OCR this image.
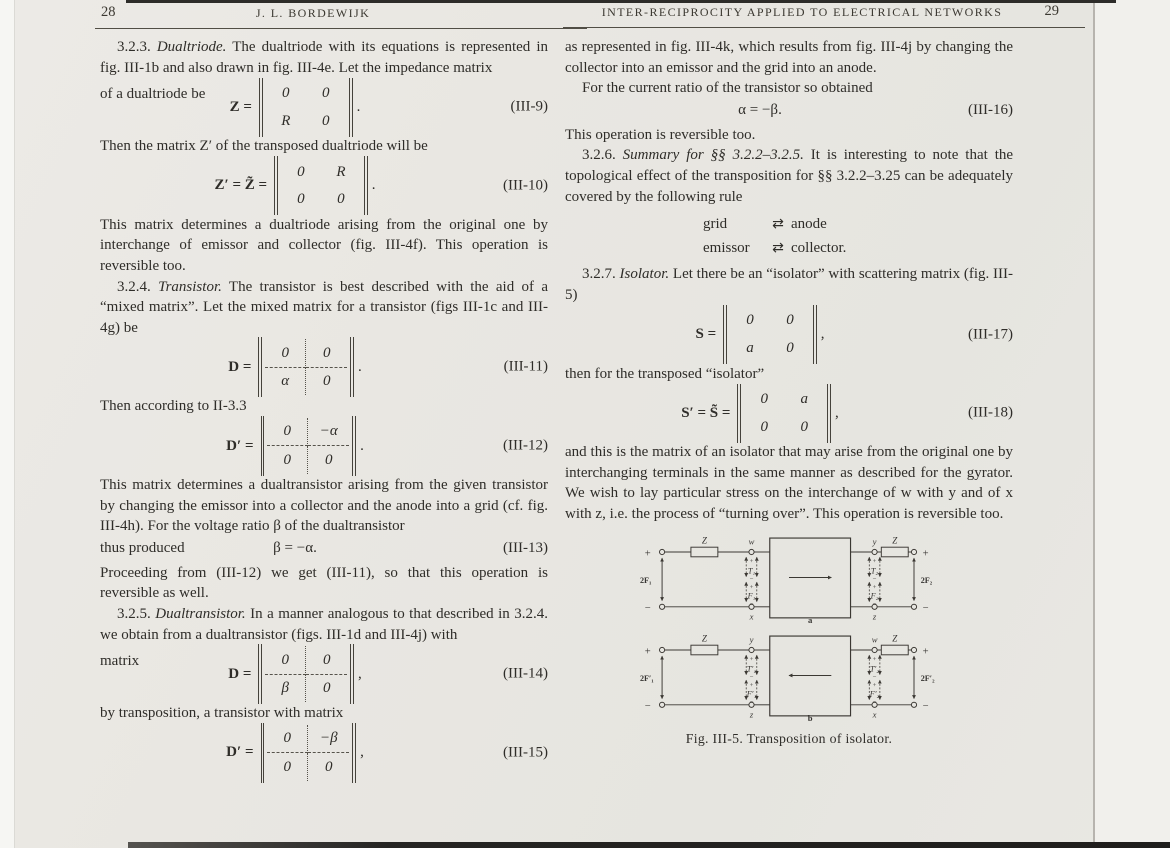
28	J. L. BORDEWIJK	29
INTER-RECIPROCITY APPLIED TO ELECTRICAL NETWORKS

3.2.3. Dualtriode. The dualtriode with its equations is represented in fig. III-1b and also drawn in fig. III-4e. Let the impedance matrix

of a dualtriode be
Z =
0	0
R	0
.	(III-9)

Then the matrix Z′ of the transposed dualtriode will be

Z′ = Z̃ =
0	R
0	0
.	(III-10)

This matrix determines a dualtriode arising from the original one by interchange of emissor and collector (fig. III-4f). This operation is reversible too.

3.2.4. Transistor. The transistor is best described with the aid of a “mixed matrix”. Let the mixed matrix for a transistor (figs III-1c and III-4g) be

D =
0	0
α	0
.	(III-11)

Then according to II-3.3

D′ =
0	−α
0	0
.	(III-12)

This matrix determines a dualtransistor arising from the given transistor by changing the emissor into a collector and the anode into a grid (cf. fig. III-4h). For the voltage ratio β of the dualtransistor

thus produced	β = −α.	(III-13)

Proceeding from (III-12) we get (III-11), so that this operation is reversible as well.

3.2.5. Dualtransistor. In a manner analogous to that described in 3.2.4. we obtain from a dualtransistor (figs. III-1d and III-4j) with

matrix
D =
0	0
β	0
,	(III-14)

by transposition, a transistor with matrix

D′ =
0	−β
0	0
,	(III-15)

as represented in fig. III-4k, which results from fig. III-4j by changing the collector into an emissor and the grid into an anode.

For the current ratio of the transistor so obtained

α = −β.	(III-16)

This operation is reversible too.

3.2.6. Summary for §§ 3.2.2–3.2.5. It is interesting to note that the topological effect of the transposition for §§ 3.2.2–3.25 can be adequately covered by the following rule

grid	⇄ anode
emissor	⇄ collector.

3.2.7. Isolator. Let there be an “isolator” with scattering matrix (fig. III-5)

S =
0	0
a	0
,	(III-17)

then for the transposed “isolator”

S′ = S̃ =
0	a
0	0
,	(III-18)

and this is the matrix of an isolator that may arise from the original one by interchanging terminals in the same manner as described for the gyrator. We wish to lay particular stress on the interchange of w with y and of x with z, i.e. the process of “turning over”. This operation is reversible too.

+
−
2F₁
Z	w
+
T₁
−
+
F₁
−
x
y
+
T₂
−
+
F₂
−
z
Z
+
−
2F₂
a
+
−
2F′₁
Z	y
+
T′₁
−
+
F′₁
−
z
w
+
T′₂
−
+
F′₂
−
x
Z
+
−
2F′₂
b
Fig. III-5. Transposition of isolator.
